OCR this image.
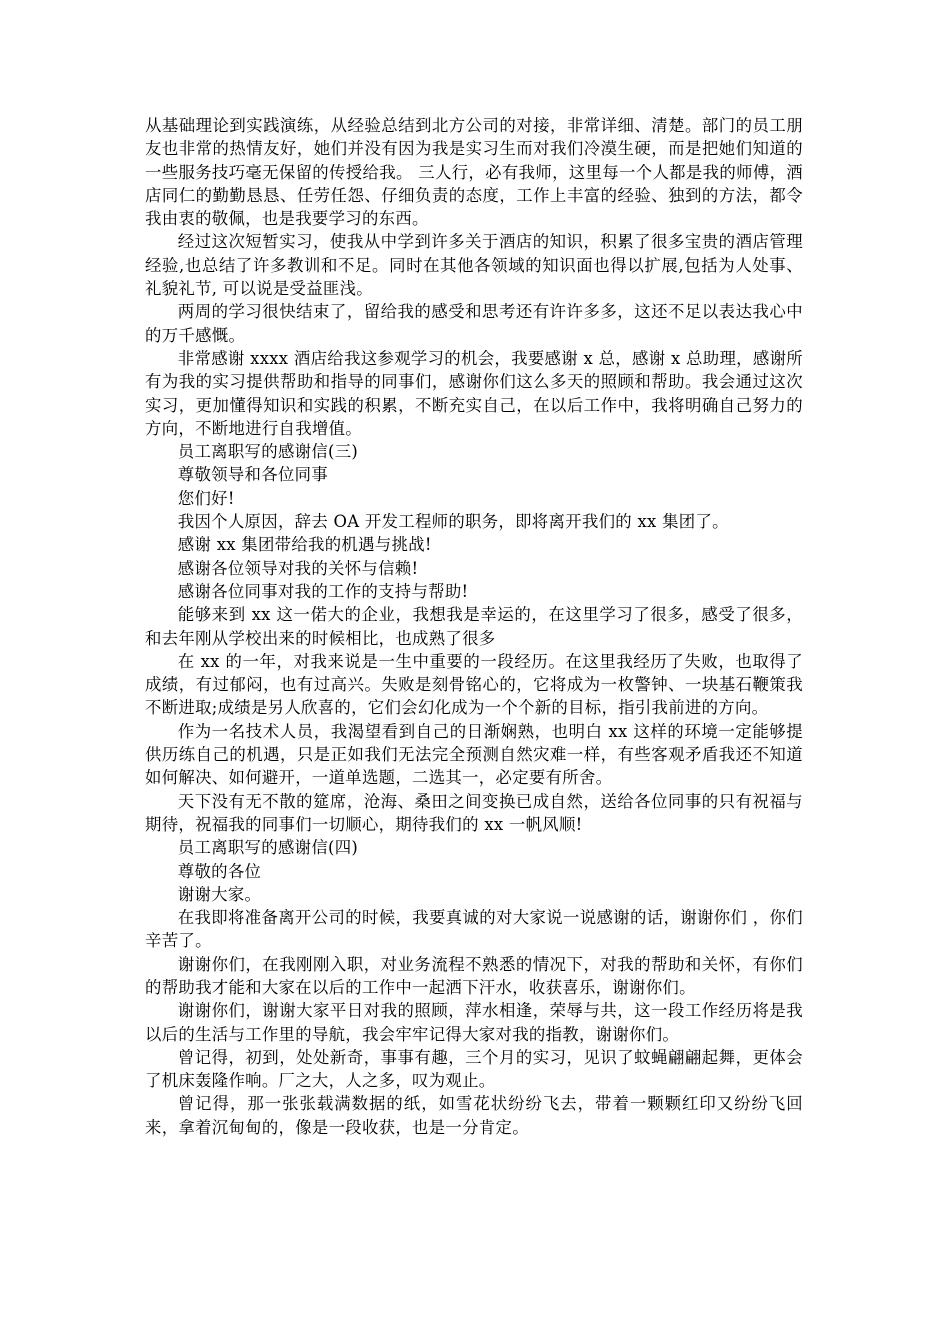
从基础理论到实践演练，从经验总结到北方公司的对接，非常详细、清楚。部门的员工朋友也非常的热情友好，她们并没有因为我是实习生而对我们冷漠生硬，而是把她们知道的一些服务技巧毫无保留的传授给我。 三人行，必有我师，这里每一个人都是我的师傅，酒店同仁的勤勤恳恳、任劳任怨、仔细负责的态度，工作上丰富的经验、独到的方法，都令我由衷的敬佩，也是我要学习的东西。

经过这次短暂实习，使我从中学到许多关于酒店的知识，积累了很多宝贵的酒店管理经验,也总结了许多教训和不足。同时在其他各领域的知识面也得以扩展,包括为人处事、礼貌礼节, 可以说是受益匪浅。

两周的学习很快结束了，留给我的感受和思考还有许许多多，这还不足以表达我心中的万千感慨。

非常感谢 xxxx 酒店给我这参观学习的机会，我要感谢 x 总，感谢 x 总助理，感谢所有为我的实习提供帮助和指导的同事们，感谢你们这么多天的照顾和帮助。我会通过这次实习，更加懂得知识和实践的积累，不断充实自己，在以后工作中，我将明确自己努力的方向，不断地进行自我增值。

员工离职写的感谢信(三)

尊敬领导和各位同事

您们好!

我因个人原因，辞去 OA 开发工程师的职务，即将离开我们的 xx 集团了。

感谢 xx 集团带给我的机遇与挑战!

感谢各位领导对我的关怀与信赖!

感谢各位同事对我的工作的支持与帮助!

能够来到 xx 这一偌大的企业，我想我是幸运的，在这里学习了很多，感受了很多，和去年刚从学校出来的时候相比，也成熟了很多

在 xx 的一年，对我来说是一生中重要的一段经历。在这里我经历了失败，也取得了成绩，有过郁闷，也有过高兴。失败是刻骨铭心的，它将成为一枚警钟、一块基石鞭策我不断进取;成绩是另人欣喜的，它们会幻化成为一个个新的目标，指引我前进的方向。

作为一名技术人员，我渴望看到自己的日渐娴熟，也明白 xx 这样的环境一定能够提供历练自己的机遇，只是正如我们无法完全预测自然灾难一样，有些客观矛盾我还不知道如何解决、如何避开，一道单选题，二选其一，必定要有所舍。

天下没有无不散的筵席，沧海、桑田之间变换已成自然，送给各位同事的只有祝福与期待，祝福我的同事们一切顺心，期待我们的 xx 一帆风顺!

员工离职写的感谢信(四)

尊敬的各位

谢谢大家。

在我即将准备离开公司的时候，我要真诚的对大家说一说感谢的话，谢谢你们 ，你们辛苦了。

谢谢你们，在我刚刚入职，对业务流程不熟悉的情况下，对我的帮助和关怀，有你们的帮助我才能和大家在以后的工作中一起洒下汗水，收获喜乐，谢谢你们。

谢谢你们，谢谢大家平日对我的照顾，萍水相逢，荣辱与共，这一段工作经历将是我以后的生活与工作里的导航，我会牢牢记得大家对我的指教，谢谢你们。

曾记得，初到，处处新奇，事事有趣，三个月的实习，见识了蚊蝇翩翩起舞，更体会了机床轰隆作响。厂之大，人之多，叹为观止。

曾记得，那一张张载满数据的纸，如雪花状纷纷飞去，带着一颗颗红印又纷纷飞回来，拿着沉甸甸的，像是一段收获，也是一分肯定。
